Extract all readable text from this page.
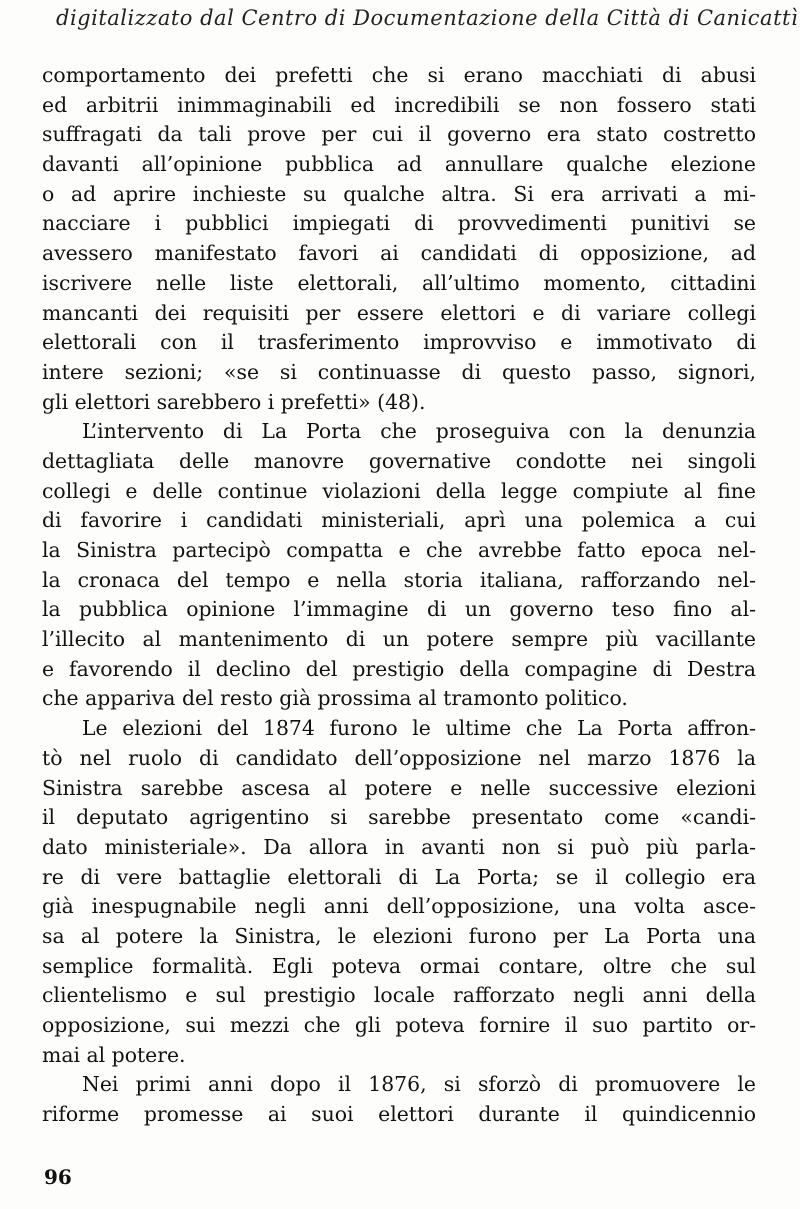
digitalizzato dal Centro di Documentazione della Città di Canicattì
comportamento dei prefetti che si erano macchiati di abusi
ed arbitrii inimmaginabili ed incredibili se non fossero stati
suffragati da tali prove per cui il governo era stato costretto
davanti all’opinione pubblica ad annullare qualche elezione
o ad aprire inchieste su qualche altra. Si era arrivati a mi-
nacciare i pubblici impiegati di provvedimenti punitivi se
avessero manifestato favori ai candidati di opposizione, ad
iscrivere nelle liste elettorali, all’ultimo momento, cittadini
mancanti dei requisiti per essere elettori e di variare collegi
elettorali con il trasferimento improvviso e immotivato di
intere sezioni; «se si continuasse di questo passo, signori,
gli elettori sarebbero i prefetti» (48).
L’intervento di La Porta che proseguiva con la denunzia
dettagliata delle manovre governative condotte nei singoli
collegi e delle continue violazioni della legge compiute al fine
di favorire i candidati ministeriali, aprì una polemica a cui
la Sinistra partecipò compatta e che avrebbe fatto epoca nel-
la cronaca del tempo e nella storia italiana, rafforzando nel-
la pubblica opinione l’immagine di un governo teso fino al-
l’illecito al mantenimento di un potere sempre più vacillante
e favorendo il declino del prestigio della compagine di Destra
che appariva del resto già prossima al tramonto politico.
Le elezioni del 1874 furono le ultime che La Porta affron-
tò nel ruolo di candidato dell’opposizione nel marzo 1876 la
Sinistra sarebbe ascesa al potere e nelle successive elezioni
il deputato agrigentino si sarebbe presentato come «candi-
dato ministeriale». Da allora in avanti non si può più parla-
re di vere battaglie elettorali di La Porta; se il collegio era
già inespugnabile negli anni dell’opposizione, una volta asce-
sa al potere la Sinistra, le elezioni furono per La Porta una
semplice formalità. Egli poteva ormai contare, oltre che sul
clientelismo e sul prestigio locale rafforzato negli anni della
opposizione, sui mezzi che gli poteva fornire il suo partito or-
mai al potere.
Nei primi anni dopo il 1876, si sforzò di promuovere le
riforme promesse ai suoi elettori durante il quindicennio
96
